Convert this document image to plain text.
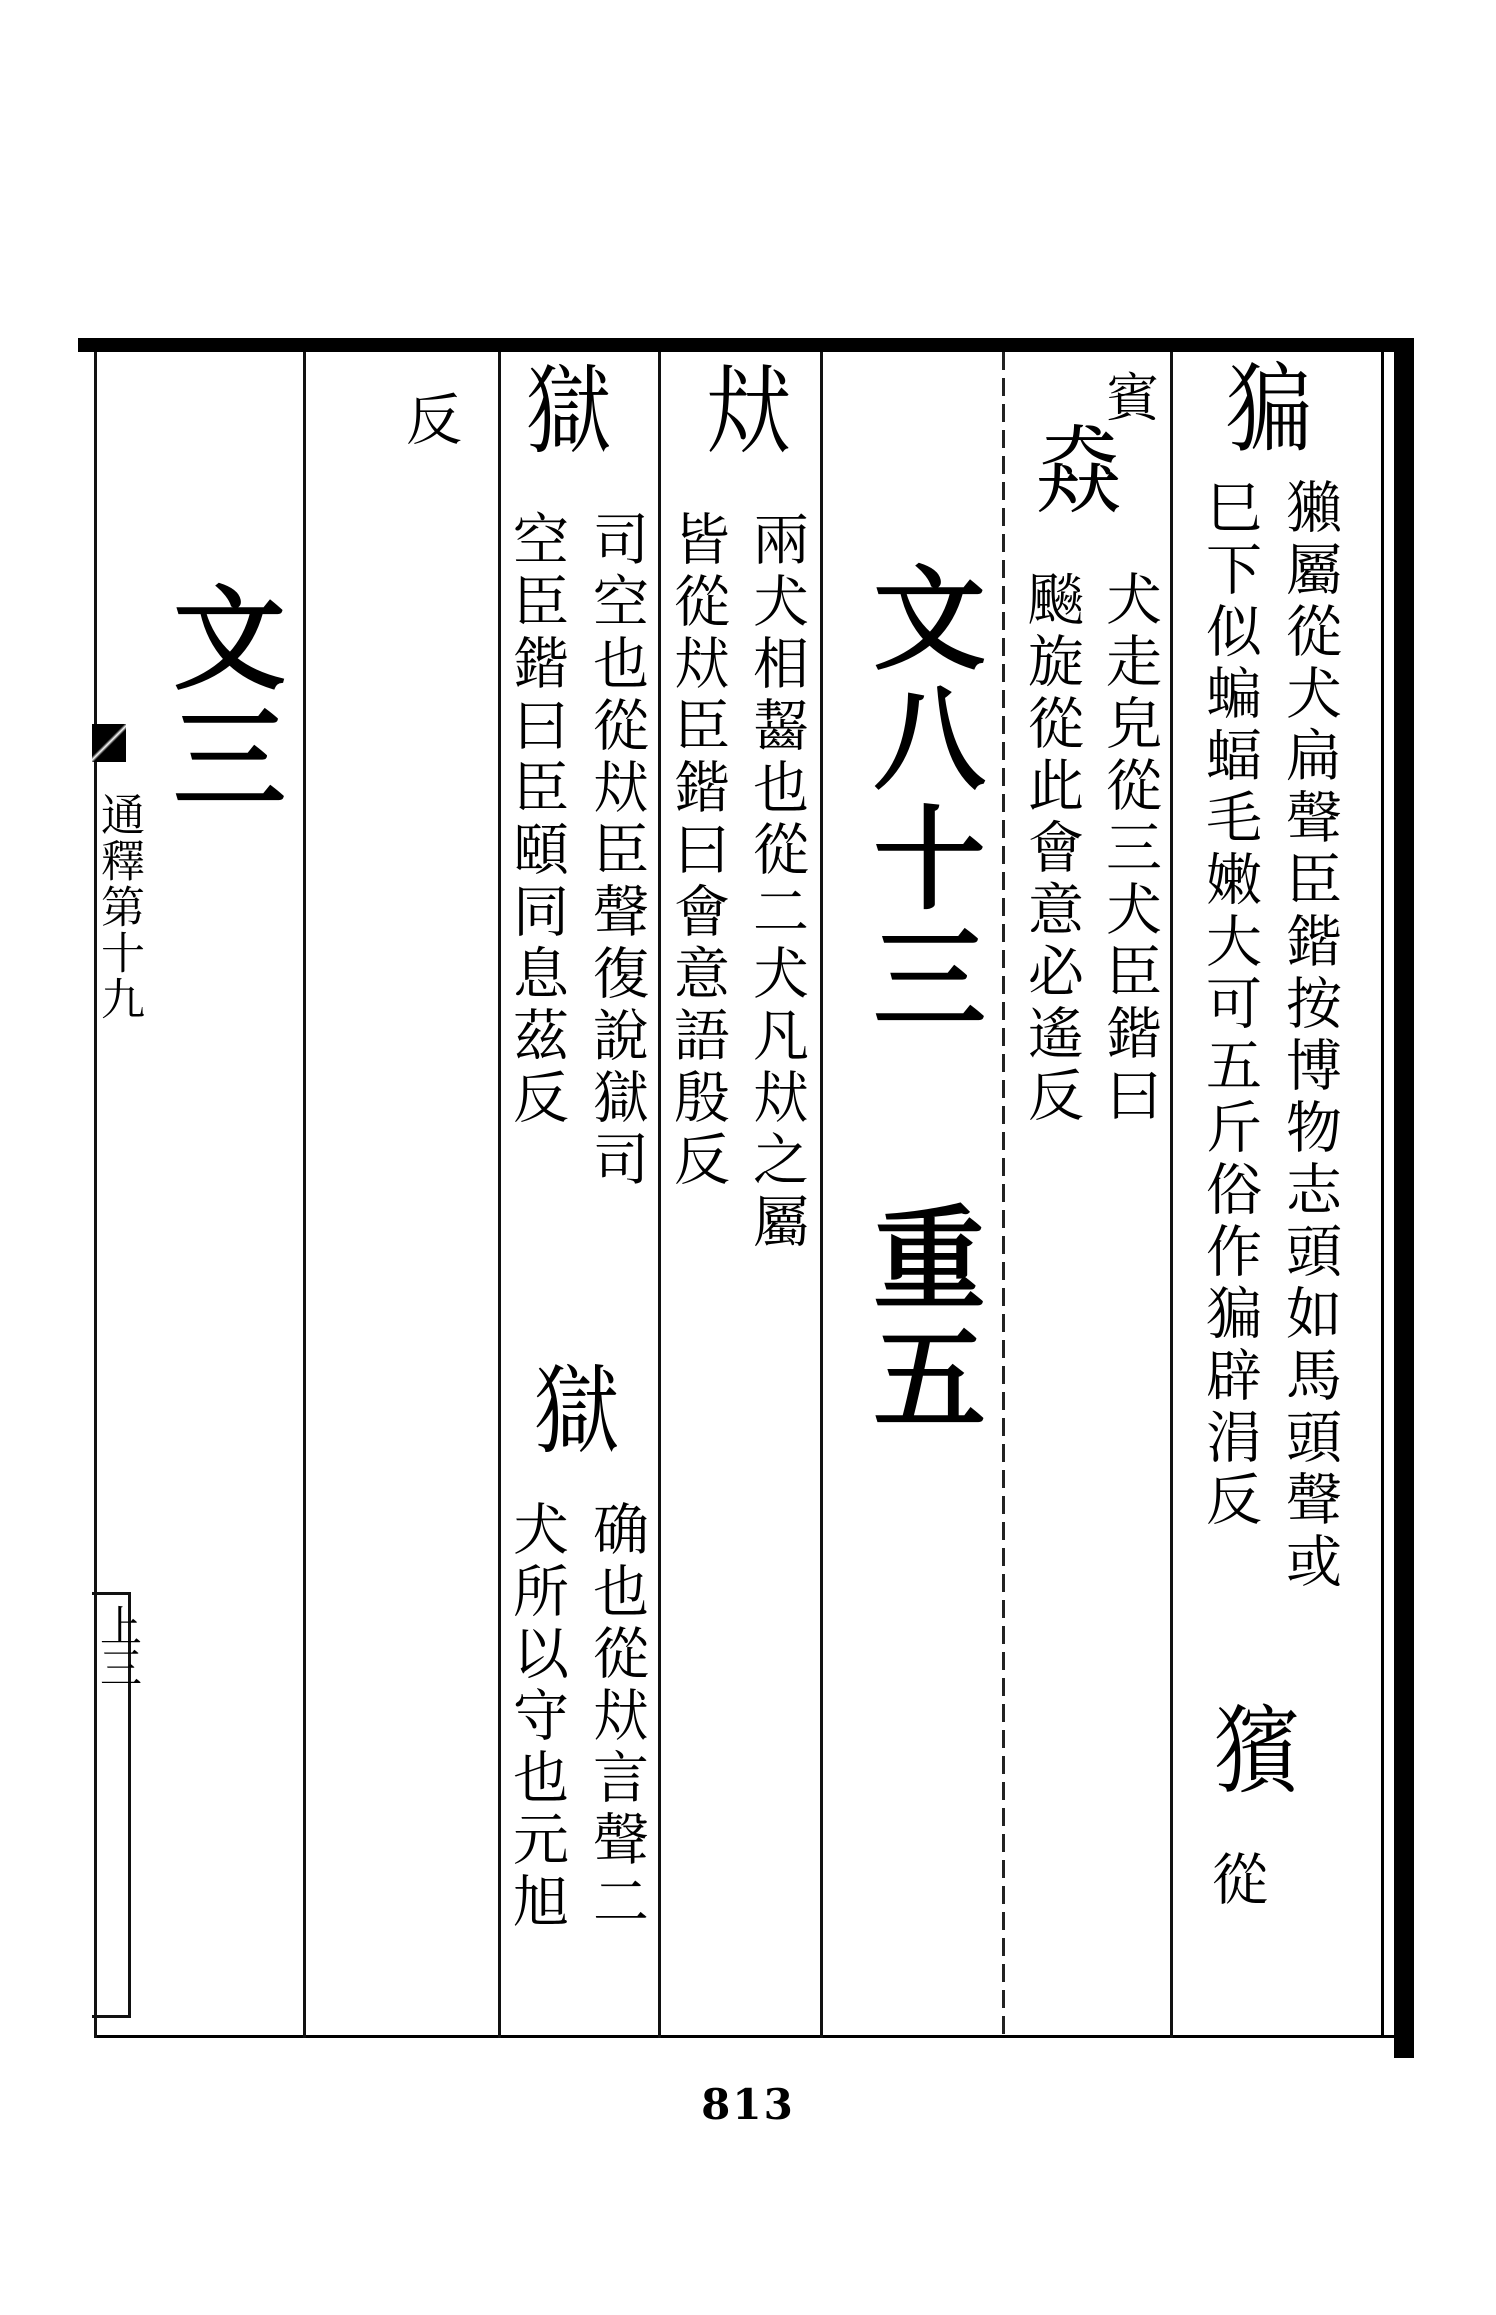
通釋第十九
上三
猵
獺屬從犬扁聲臣鍇按博物志頭如馬頭聲或
巳下似蝙蝠毛嫩大可五斤俗作猵辟涓反
獱
從
賓
猋
犬走皃從三犬臣鍇曰
飈旋從此會意必遙反
文八十三
重五
㹜
兩犬相齧也從二犬凡㹜之屬
皆從㹜臣鍇曰會意語殷反
獄
司空也從㹜臣聲復說獄司
空臣鍇曰臣頤同息茲反
獄
确也從㹜言聲二
犬所以守也元旭
反
文三
813
